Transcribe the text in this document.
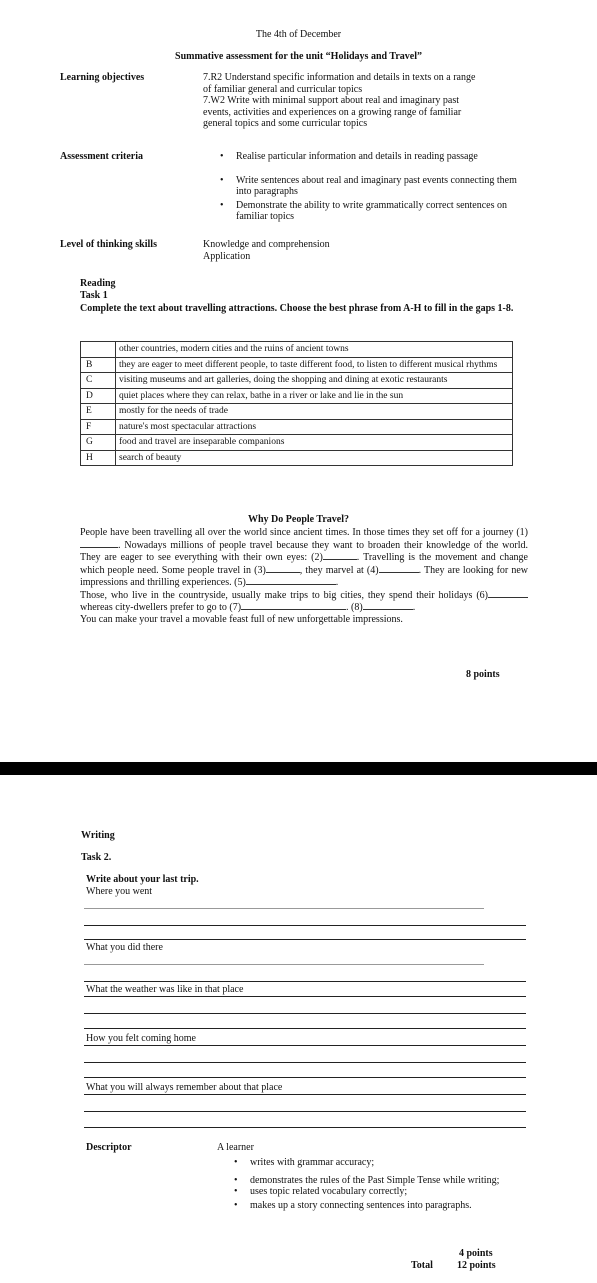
The 4th of December
Summative assessment for the unit “Holidays and Travel”
Learning objectives	7.R2 Understand specific information and details in texts on a range
of familiar general and curricular topics
7.W2 Write with minimal support about real and imaginary past
events, activities and experiences on a growing range of familiar
general topics and some curricular topics
Assessment criteria	• Realise particular information and details in reading passage
• Write sentences about real and imaginary past events connecting them into paragraphs
• Demonstrate the ability to write grammatically correct sentences on familiar topics
Level of thinking skills	Knowledge and comprehension
Application
Reading
Task 1
Complete the text about travelling attractions. Choose the best phrase from A-H to fill in the gaps 1-8.
	other countries, modern cities and the ruins of ancient towns
B	they are eager to meet different people, to taste different food, to listen to different musical rhythms
C	visiting museums and art galleries, doing the shopping and dining at exotic restaurants
D	quiet places where they can relax, bathe in a river or lake and lie in the sun
E	mostly for the needs of trade
F	nature's most spectacular attractions
G	food and travel are inseparable companions
H	search of beauty
Why Do People Travel?

People have been travelling all over the world since ancient times. In those times they set off for a journey (1). Nowadays millions of people travel because they want to broaden their knowledge of the world. They are eager to see everything with their own eyes: (2)	. Travelling is the movement and change which people need. Some people travel in (3)	, they marvel at (4)	. They are looking for new impressions and thrilling experiences. (5)	.

Those, who live in the countryside, usually make trips to big cities, they spend their holidays (6) whereas city-dwellers prefer to go to (7)	. (8)	.

You can make your travel a movable feast full of new unforgettable impressions.

8 points
Writing
Task 2.
Write about your last trip.
Where you went
What you did there
What the weather was like in that place
How you felt coming home
What you will always remember about that place
Descriptor	A learner
• writes with grammar accuracy;
• demonstrates the rules of the Past Simple Tense while writing;
• uses topic related vocabulary correctly;
• makes up a story connecting sentences into paragraphs.
4 points
Total 12 points
